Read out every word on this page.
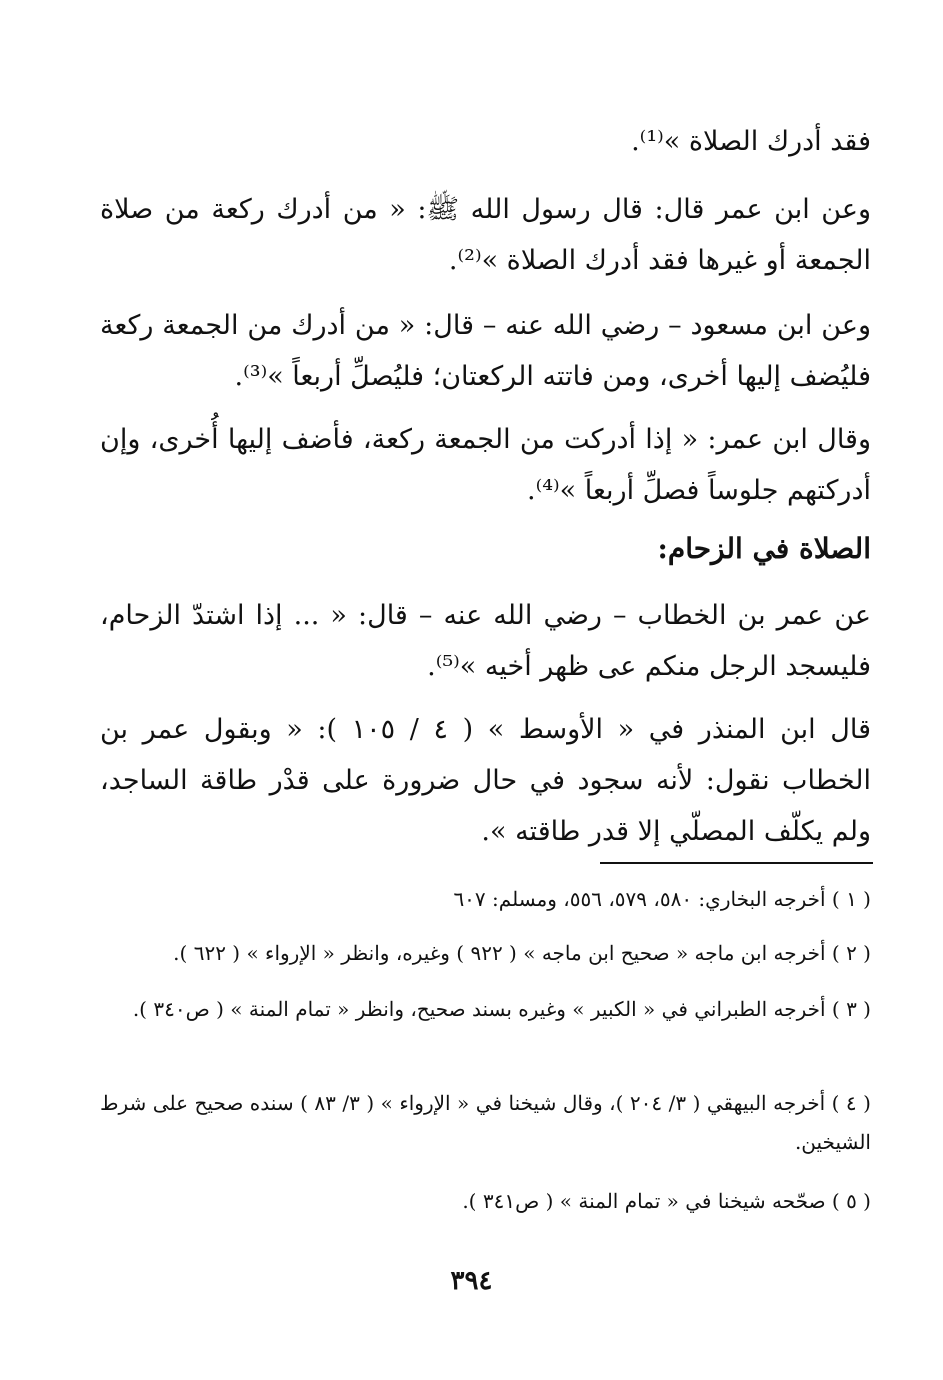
فقد أدرك الصلاة »⁽¹⁾.
وعن ابن عمر قال: قال رسول الله ﷺ: « من أدرك ركعة من صلاة الجمعة أو غيرها فقد أدرك الصلاة »⁽²⁾.
وعن ابن مسعود – رضي الله عنه – قال: « من أدرك من الجمعة ركعة فليُضف إليها أخرى، ومن فاتته الركعتان؛ فليُصلِّ أربعاً »⁽³⁾.
وقال ابن عمر: « إذا أدركت من الجمعة ركعة، فأضف إليها أُخرى، وإن أدركتهم جلوساً فصلِّ أربعاً »⁽⁴⁾.
الصلاة في الزحام:
عن عمر بن الخطاب – رضي الله عنه – قال: « ... إذا اشتدّ الزحام، فليسجد الرجل منكم عى ظهر أخيه »⁽⁵⁾.
قال ابن المنذر في « الأوسط » ( ٤ / ١٠٥ ): « وبقول عمر بن الخطاب نقول: لأنه سجود في حال ضرورة على قدْر طاقة الساجد، ولم يكلّف المصلّي إلا قدر طاقته ».
( ١ ) أخرجه البخاري: ٥٨٠، ٥٧٩، ٥٥٦، ومسلم: ٦٠٧
( ٢ ) أخرجه ابن ماجه « صحيح ابن ماجه » ( ٩٢٢ ) وغيره، وانظر « الإرواء » ( ٦٢٢ ).
( ٣ ) أخرجه الطبراني في « الكبير » وغيره بسند صحيح، وانظر « تمام المنة » ( ص٣٤٠ ).
( ٤ ) أخرجه البيهقي ( ٣/ ٢٠٤ )، وقال شيخنا في « الإرواء » ( ٣/ ٨٣ ) سنده صحيح على شرط الشيخين.
( ٥ ) صحّحه شيخنا في « تمام المنة » ( ص٣٤١ ).
٣٩٤
